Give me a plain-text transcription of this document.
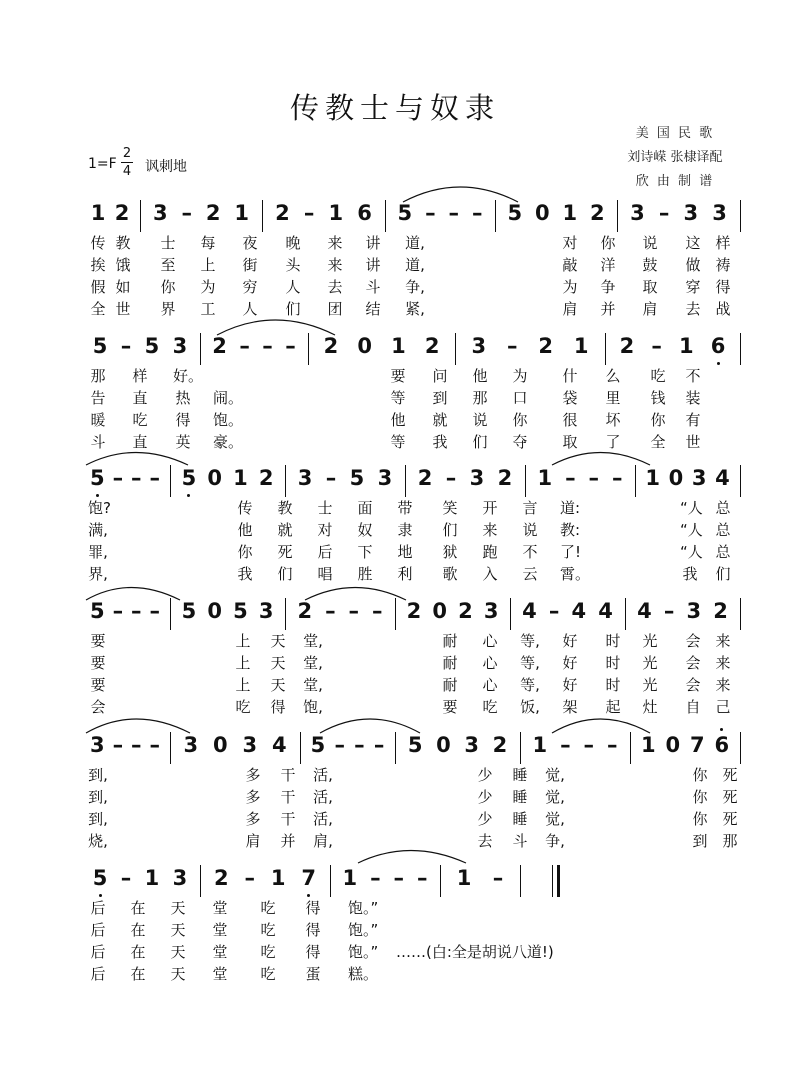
传教士与奴隶
美 国 民 歌
刘诗嵘 张棣译配
欣 由 制 谱
1=F
2
4 讽刺地
1 2 3 – 2 1 2 – 1 6 5 – – – 5 0 1 2 3 – 3 3
传 教 士 每 夜 晚 来 讲 道,	对 你 说 这 样
挨 饿 至 上 街 头 来 讲 道,	敲 洋 鼓 做 祷
假 如 你 为 穷 人 去 斗 争,	为 争 取 穿 得
全 世 界 工 人 们 团 结 紧,	肩 并 肩 去 战
5 – 5 3 2 – – – 2 0 1 2 3 – 2 1 2 – 1 6
那 样 好。	要 问 他 为 什 么 吃 不
告 直 热 闹。	等 到 那 口 袋 里 钱 装
暖 吃 得 饱。	他 就 说 你 很 坏 你 有
斗 直 英 豪。	等 我 们 夺 取 了 全 世
5 – – – 5 0 1 2 3 – 5 3 2 – 3 2 1 – – – 1 0 3 4
饱?	传 教 士 面 带 笑 开 言 道:	“人 总
满,	他 就 对 奴 隶 们 来 说 教:	“人 总
罪,	你 死 后 下 地 狱 跑 不 了!	“人 总
界,	我 们 唱 胜 利 歌 入 云 霄。	我 们
5 – – – 5 0 5 3 2 – – – 2 0 2 3 4 – 4 4 4 – 3 2
要	上 天 堂,	耐 心 等, 好 时 光 会 来
要	上 天 堂,	耐 心 等, 好 时 光 会 来
要	上 天 堂,	耐 心 等, 好 时 光 会 来
会	吃 得 饱,	要 吃 饭, 架 起 灶 自 己
3 – – – 3 0 3 4 5 – – – 5 0 3 2 1 – – – 1 0 7 6
到,	多 干 活,	少 睡 觉,	你 死
到,	多 干 活,	少 睡 觉,	你 死
到,	多 干 活,	少 睡 觉,	你 死
烧,	肩 并 肩,	去 斗 争,	到 那
5 – 1 3 2 – 1 7 1 – – – 1 –
后 在 天 堂 吃 得 饱。”
后 在 天 堂 吃 得 饱。”
后 在 天 堂 吃 得 饱。” ……(白:全是胡说八道!)
后 在 天 堂 吃 蛋 糕。
